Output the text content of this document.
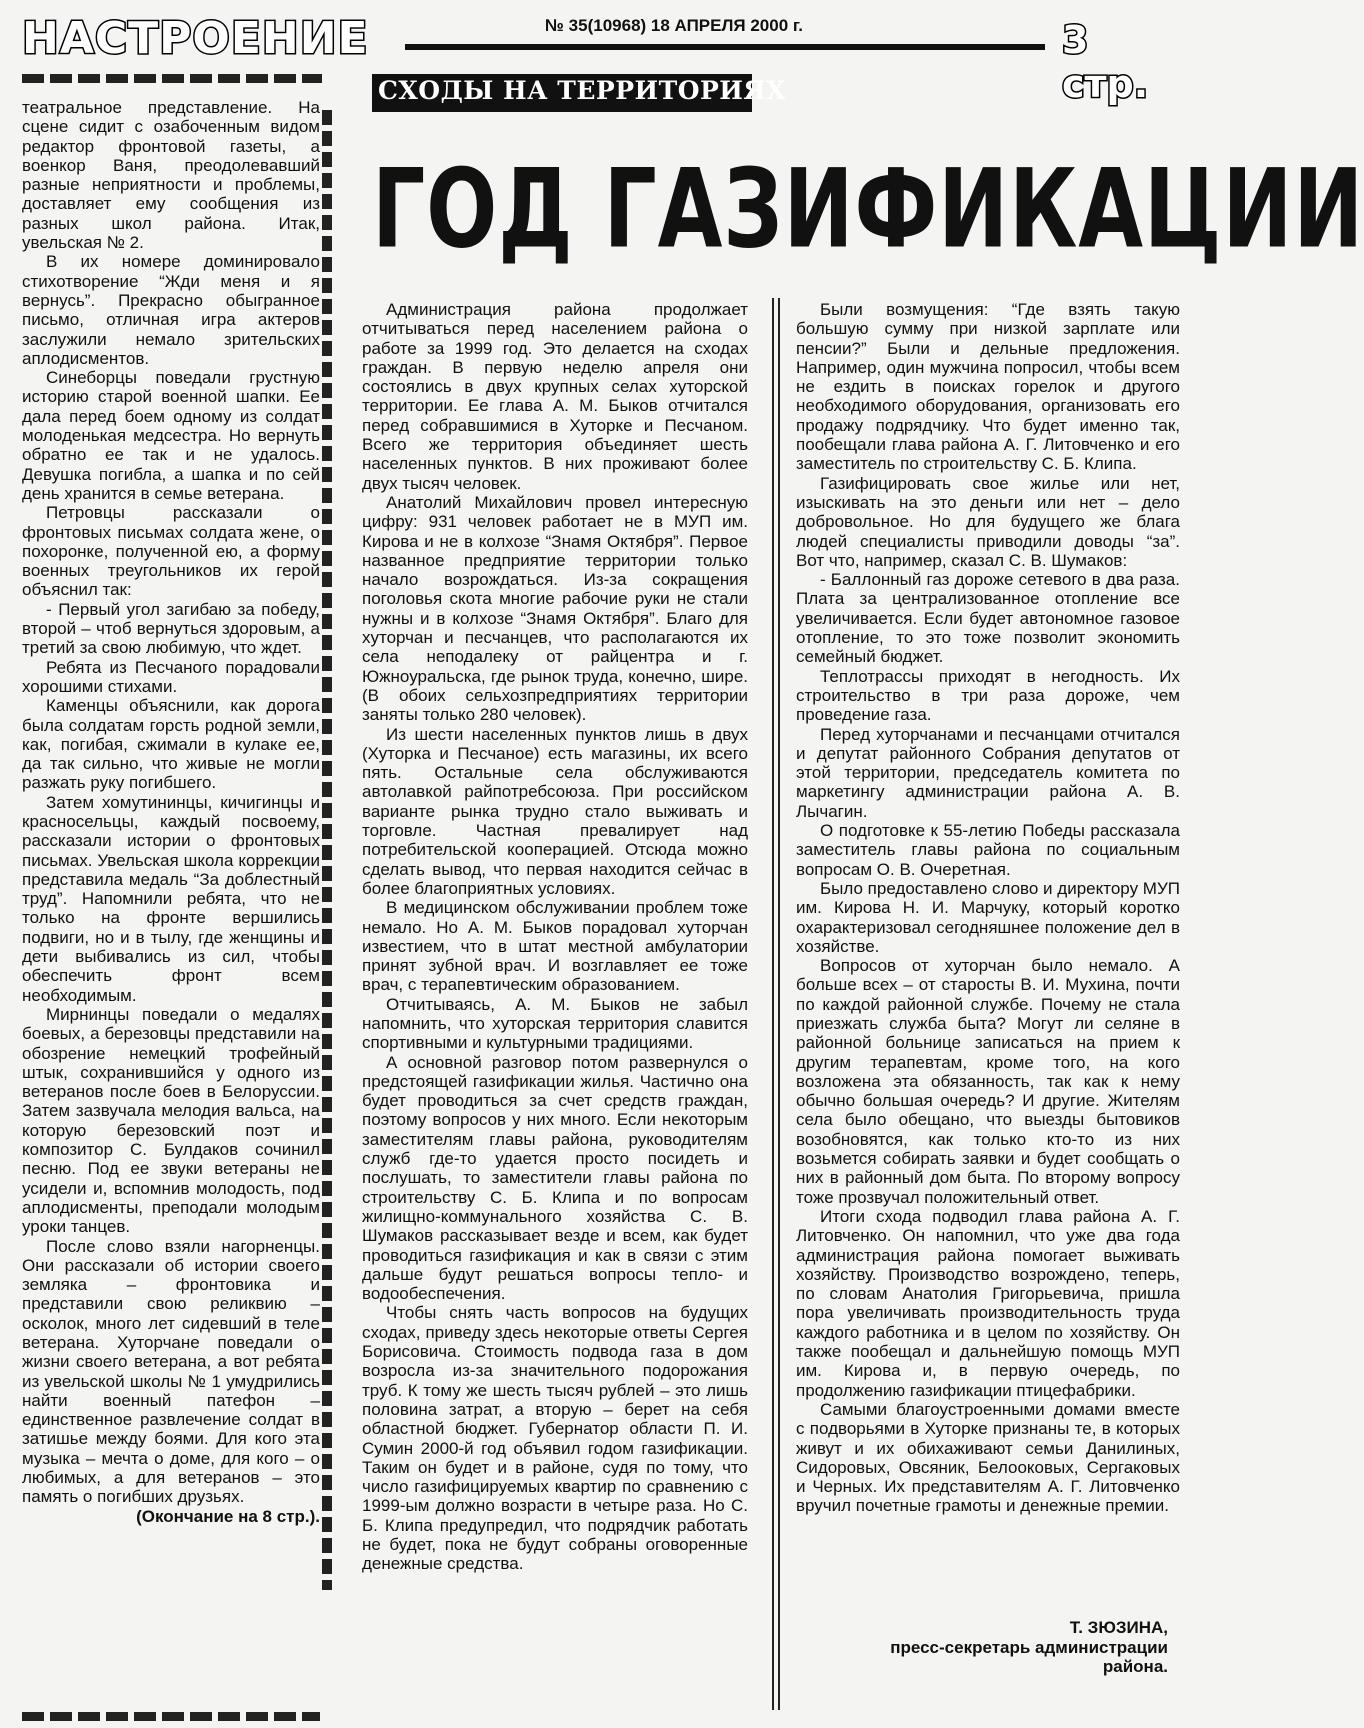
НАСТРОЕНИЕ	№ 35(10968) 18 АПРЕЛЯ 2000 г.	3 стр.
СХОДЫ НА ТЕРРИТОРИЯХ
ГОД ГАЗИФИКАЦИИ

театральное представление. На сцене сидит с озабоченным видом редактор фронтовой газеты, а военкор Ваня, преодолевавший разные неприятности и проблемы, доставляет ему сообщения из разных школ района. Итак, увельская № 2.

В их номере доминировало стихотворение “Жди меня и я вернусь”. Прекрасно обыгранное письмо, отличная игра актеров заслужили немало зрительских аплодисментов.

Синеборцы поведали грустную историю старой военной шапки. Ее дала перед боем одному из солдат молоденькая медсестра. Но вернуть обратно ее так и не удалось. Девушка погибла, а шапка и по сей день хранится в семье ветерана.

Петровцы рассказали о фронтовых письмах солдата жене, о похоронке, полученной ею, а форму военных треугольников их герой объяснил так:

- Первый угол загибаю за победу, второй – чтоб вернуться здоровым, а третий за свою любимую, что ждет.

Ребята из Песчаного порадовали хорошими стихами.

Каменцы объяснили, как дорога была солдатам горсть родной земли, как, погибая, сжимали в кулаке ее, да так сильно, что живые не могли разжать руку погибшего.

Затем хомутининцы, кичигинцы и красносельцы, каждый посвоему, рассказали истории о фронтовых письмах. Увельская школа коррекции представила медаль “За доблестный труд”. Напомнили ребята, что не только на фронте вершились подвиги, но и в тылу, где женщины и дети выбивались из сил, чтобы обеспечить фронт всем необходимым.

Мирнинцы поведали о медалях боевых, а березовцы представили на обозрение немецкий трофейный штык, сохранившийся у одного из ветеранов после боев в Белоруссии. Затем зазвучала мелодия вальса, на которую березовский поэт и композитор С. Булдаков сочинил песню. Под ее звуки ветераны не усидели и, вспомнив молодость, под аплодисменты, преподали молодым уроки танцев.

После слово взяли нагорненцы. Они рассказали об истории своего земляка – фронтовика и представили свою реликвию – осколок, много лет сидевший в теле ветерана. Хуторчане поведали о жизни своего ветерана, а вот ребята из увельской школы № 1 умудрились найти военный патефон – единственное развлечение солдат в затишье между боями. Для кого эта музыка – мечта о доме, для кого – о любимых, а для ветеранов – это память о погибших друзьях.

(Окончание на 8 стр.).

Администрация района продолжает отчитываться перед населением района о работе за 1999 год. Это делается на сходах граждан. В первую неделю апреля они состоялись в двух крупных селах хуторской территории. Ее глава А. М. Быков отчитался перед собравшимися в Хуторке и Песчаном. Всего же территория объединяет шесть населенных пунктов. В них проживают более двух тысяч человек.

Анатолий Михайлович провел интересную цифру: 931 человек работает не в МУП им. Кирова и не в колхозе “Знамя Октября”. Первое названное предприятие территории только начало возрождаться. Из-за сокращения поголовья скота многие рабочие руки не стали нужны и в колхозе “Знамя Октября”. Благо для хуторчан и песчанцев, что располагаются их села неподалеку от райцентра и г. Южноуральска, где рынок труда, конечно, шире. (В обоих сельхозпредприятиях территории заняты только 280 человек).

Из шести населенных пунктов лишь в двух (Хуторка и Песчаное) есть магазины, их всего пять. Остальные села обслуживаются автолавкой райпотребсоюза. При российском варианте рынка трудно стало выживать и торговле. Частная превалирует над потребительской кооперацией. Отсюда можно сделать вывод, что первая находится сейчас в более благоприятных условиях.

В медицинском обслуживании проблем тоже немало. Но А. М. Быков порадовал хуторчан известием, что в штат местной амбулатории принят зубной врач. И возглавляет ее тоже врач, с терапевтическим образованием.

Отчитываясь, А. М. Быков не забыл напомнить, что хуторская территория славится спортивными и культурными традициями.

А основной разговор потом развернулся о предстоящей газификации жилья. Частично она будет проводиться за счет средств граждан, поэтому вопросов у них много. Если некоторым заместителям главы района, руководителям служб где-то удается просто посидеть и послушать, то заместители главы района по строительству С. Б. Клипа и по вопросам жилищно-коммунального хозяйства С. В. Шумаков рассказывает везде и всем, как будет проводиться газификация и как в связи с этим дальше будут решаться вопросы тепло- и водообеспечения.

Чтобы снять часть вопросов на будущих сходах, приведу здесь некоторые ответы Сергея Борисовича. Стоимость подвода газа в дом возросла из-за значительного подорожания труб. К тому же шесть тысяч рублей – это лишь половина затрат, а вторую – берет на себя областной бюджет. Губернатор области П. И. Сумин 2000-й год объявил годом газификации. Таким он будет и в районе, судя по тому, что число газифицируемых квартир по сравнению с 1999-ым должно возрасти в четыре раза. Но С. Б. Клипа предупредил, что подрядчик работать не будет, пока не будут собраны оговоренные денежные средства.

Были возмущения: “Где взять такую большую сумму при низкой зарплате или пенсии?” Были и дельные предложения. Например, один мужчина попросил, чтобы всем не ездить в поисках горелок и другого необходимого оборудования, организовать его продажу подрядчику. Что будет именно так, пообещали глава района А. Г. Литовченко и его заместитель по строительству С. Б. Клипа.

Газифицировать свое жилье или нет, изыскивать на это деньги или нет – дело добровольное. Но для будущего же блага людей специалисты приводили доводы “за”. Вот что, например, сказал С. В. Шумаков:

- Баллонный газ дороже сетевого в два раза. Плата за централизованное отопление все увеличивается. Если будет автономное газовое отопление, то это тоже позволит экономить семейный бюджет.

Теплотрассы приходят в негодность. Их строительство в три раза дороже, чем проведение газа.

Перед хуторчанами и песчанцами отчитался и депутат районного Собрания депутатов от этой территории, председатель комитета по маркетингу администрации района А. В. Лычагин.

О подготовке к 55-летию Победы рассказала заместитель главы района по социальным вопросам О. В. Очеретная.

Было предоставлено слово и директору МУП им. Кирова Н. И. Марчуку, который коротко охарактеризовал сегодняшнее положение дел в хозяйстве.

Вопросов от хуторчан было немало. А больше всех – от старосты В. И. Мухина, почти по каждой районной службе. Почему не стала приезжать служба быта? Могут ли селяне в районной больнице записаться на прием к другим терапевтам, кроме того, на кого возложена эта обязанность, так как к нему обычно большая очередь? И другие. Жителям села было обещано, что выезды бытовиков возобновятся, как только кто-то из них возьмется собирать заявки и будет сообщать о них в районный дом быта. По второму вопросу тоже прозвучал положительный ответ.

Итоги схода подводил глава района А. Г. Литовченко. Он напомнил, что уже два года администрация района помогает выживать хозяйству. Производство возрождено, теперь, по словам Анатолия Григорьевича, пришла пора увеличивать производительность труда каждого работника и в целом по хозяйству. Он также пообещал и дальнейшую помощь МУП им. Кирова и, в первую очередь, по продолжению газификации птицефабрики.

Самыми благоустроенными домами вместе с подворьями в Хуторке признаны те, в которых живут и их обихаживают семьи Данилиных, Сидоровых, Овсяник, Белооковых, Сергаковых и Черных. Их представителям А. Г. Литовченко вручил почетные грамоты и денежные премии.

Т. ЗЮЗИНА,
пресс-секретарь администрации района.
